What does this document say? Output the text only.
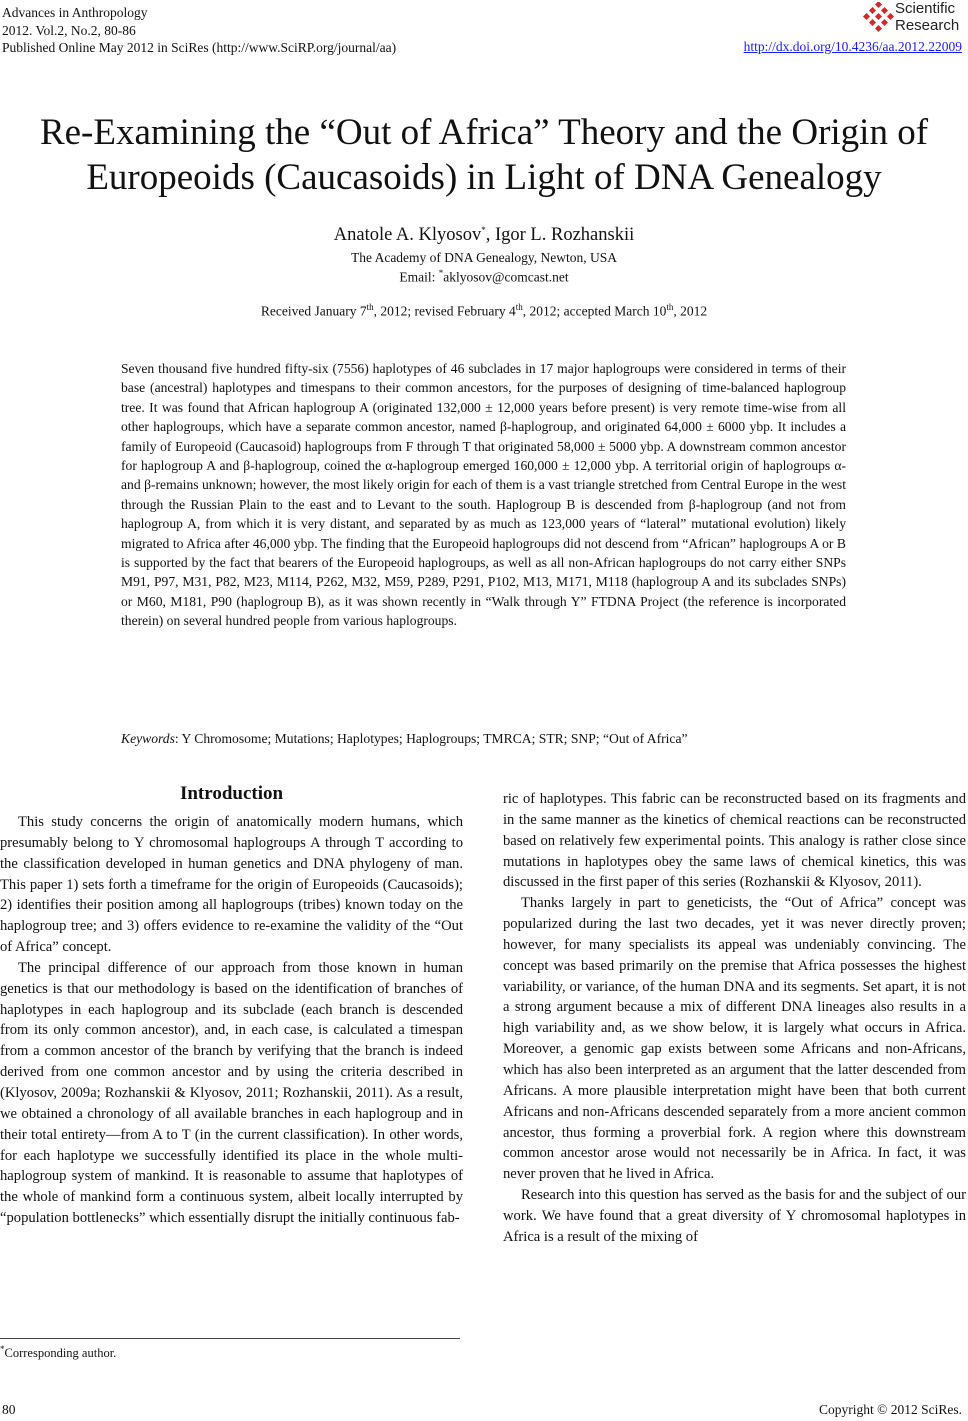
Advances in Anthropology
2012. Vol.2, No.2, 80-86
Published Online May 2012 in SciRes (http://www.SciRP.org/journal/aa)
Scientific
Research
http://dx.doi.org/10.4236/aa.2012.22009
Re-Examining the “Out of Africa” Theory and the Origin of
Europeoids (Caucasoids) in Light of DNA Genealogy
Anatole A. Klyosov*, Igor L. Rozhanskii
The Academy of DNA Genealogy, Newton, USA
Email: *aklyosov@comcast.net
Received January 7th, 2012; revised February 4th, 2012; accepted March 10th, 2012
Seven thousand five hundred fifty-six (7556) haplotypes of 46 subclades in 17 major haplogroups were considered in terms of their base (ancestral) haplotypes and timespans to their common ancestors, for the purposes of designing of time-balanced haplogroup tree. It was found that African haplogroup A (originated 132,000 ± 12,000 years before present) is very remote time-wise from all other haplogroups, which have a separate common ancestor, named β-haplogroup, and originated 64,000 ± 6000 ybp. It includes a family of Europeoid (Caucasoid) haplogroups from F through T that originated 58,000 ± 5000 ybp. A downstream common ancestor for haplogroup A and β-haplogroup, coined the α-haplogroup emerged 160,000 ± 12,000 ybp. A territorial origin of haplogroups α- and β-remains unknown; however, the most likely origin for each of them is a vast triangle stretched from Central Europe in the west through the Russian Plain to the east and to Levant to the south. Haplogroup B is descended from β-haplogroup (and not from haplogroup A, from which it is very distant, and separated by as much as 123,000 years of “lateral” mutational evolution) likely migrated to Africa after 46,000 ybp. The finding that the Europeoid haplogroups did not descend from “African” haplogroups A or B is supported by the fact that bearers of the Europeoid haplogroups, as well as all non-African haplogroups do not carry either SNPs M91, P97, M31, P82, M23, M114, P262, M32, M59, P289, P291, P102, M13, M171, M118 (haplogroup A and its subclades SNPs) or M60, M181, P90 (haplogroup B), as it was shown recently in “Walk through Y” FTDNA Project (the reference is incorporated therein) on several hundred people from various haplogroups.
Keywords: Y Chromosome; Mutations; Haplotypes; Haplogroups; TMRCA; STR; SNP; “Out of Africa”
Introduction

This study concerns the origin of anatomically modern humans, which presumably belong to Y chromosomal haplogroups A through T according to the classification developed in human genetics and DNA phylogeny of man. This paper 1) sets forth a timeframe for the origin of Europeoids (Caucasoids); 2) identifies their position among all haplogroups (tribes) known today on the haplogroup tree; and 3) offers evidence to re-examine the validity of the “Out of Africa” concept.

The principal difference of our approach from those known in human genetics is that our methodology is based on the identification of branches of haplotypes in each haplogroup and its subclade (each branch is descended from its only common ancestor), and, in each case, is calculated a timespan from a common ancestor of the branch by verifying that the branch is indeed derived from one common ancestor and by using the criteria described in (Klyosov, 2009a; Rozhanskii & Klyosov, 2011; Rozhanskii, 2011). As a result, we obtained a chronology of all available branches in each haplogroup and in their total entirety—from A to T (in the current classification). In other words, for each haplotype we successfully identified its place in the whole multi-haplogroup system of mankind. It is reasonable to assume that haplotypes of the whole of mankind form a continuous system, albeit locally interrupted by “population bottlenecks” which essentially disrupt the initially continuous fab-

ric of haplotypes. This fabric can be reconstructed based on its fragments and in the same manner as the kinetics of chemical reactions can be reconstructed based on relatively few experimental points. This analogy is rather close since mutations in haplotypes obey the same laws of chemical kinetics, this was discussed in the first paper of this series (Rozhanskii & Klyosov, 2011).

Thanks largely in part to geneticists, the “Out of Africa” concept was popularized during the last two decades, yet it was never directly proven; however, for many specialists its appeal was undeniably convincing. The concept was based primarily on the premise that Africa possesses the highest variability, or variance, of the human DNA and its segments. Set apart, it is not a strong argument because a mix of different DNA lineages also results in a high variability and, as we show below, it is largely what occurs in Africa. Moreover, a genomic gap exists between some Africans and non-Africans, which has also been interpreted as an argument that the latter descended from Africans. A more plausible interpretation might have been that both current Africans and non-Africans descended separately from a more ancient common ancestor, thus forming a proverbial fork. A region where this downstream common ancestor arose would not necessarily be in Africa. In fact, it was never proven that he lived in Africa.

Research into this question has served as the basis for and the subject of our work. We have found that a great diversity of Y chromosomal haplotypes in Africa is a result of the mixing of

*Corresponding author.
80	Copyright © 2012 SciRes.
